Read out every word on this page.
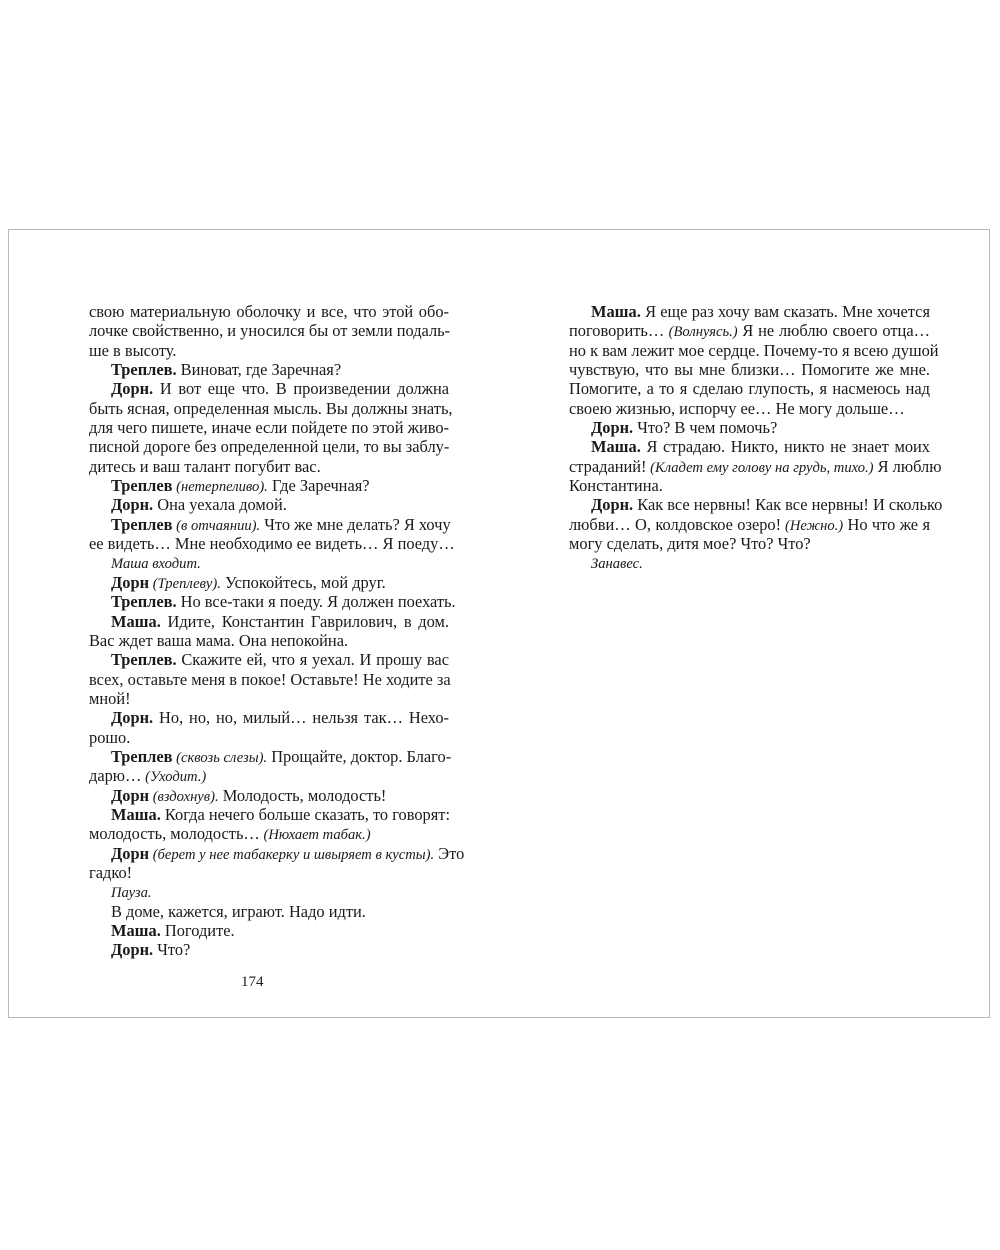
свою материальную оболочку и все, что этой обо-
лочке свойственно, и уносился бы от земли подаль-
ше в высоту.
Треплев. Виноват, где Заречная?
Дорн. И вот еще что. В произведении должна
быть ясная, определенная мысль. Вы должны знать,
для чего пишете, иначе если пойдете по этой живо-
писной дороге без определенной цели, то вы заблу-
дитесь и ваш талант погубит вас.
Треплев (нетерпеливо). Где Заречная?
Дорн. Она уехала домой.
Треплев (в отчаянии). Что же мне делать? Я хочу
ее видеть… Мне необходимо ее видеть… Я поеду…
Маша входит.
Дорн (Треплеву). Успокойтесь, мой друг.
Треплев. Но все-таки я поеду. Я должен поехать.
Маша. Идите, Константин Гаврилович, в дом.
Вас ждет ваша мама. Она непокойна.
Треплев. Скажите ей, что я уехал. И прошу вас
всех, оставьте меня в покое! Оставьте! Не ходите за
мной!
Дорн. Но, но, но, милый… нельзя так… Нехо-
рошо.
Треплев (сквозь слезы). Прощайте, доктор. Благо-
дарю… (Уходит.)
Дорн (вздохнув). Молодость, молодость!
Маша. Когда нечего больше сказать, то говорят:
молодость, молодость… (Нюхает табак.)
Дорн (берет у нее табакерку и швыряет в кусты). Это
гадко!
Пауза.
В доме, кажется, играют. Надо идти.
Маша. Погодите.
Дорн. Что?
Маша. Я еще раз хочу вам сказать. Мне хочется
поговорить… (Волнуясь.) Я не люблю своего отца…
но к вам лежит мое сердце. Почему-то я всею душой
чувствую, что вы мне близки… Помогите же мне.
Помогите, а то я сделаю глупость, я насмеюсь над
своею жизнью, испорчу ее… Не могу дольше…
Дорн. Что? В чем помочь?
Маша. Я страдаю. Никто, никто не знает моих
страданий! (Кладет ему голову на грудь, тихо.) Я люблю
Константина.
Дорн. Как все нервны! Как все нервны! И сколько
любви… О, колдовское озеро! (Нежно.) Но что же я
могу сделать, дитя мое? Что? Что?
Занавес.
174
